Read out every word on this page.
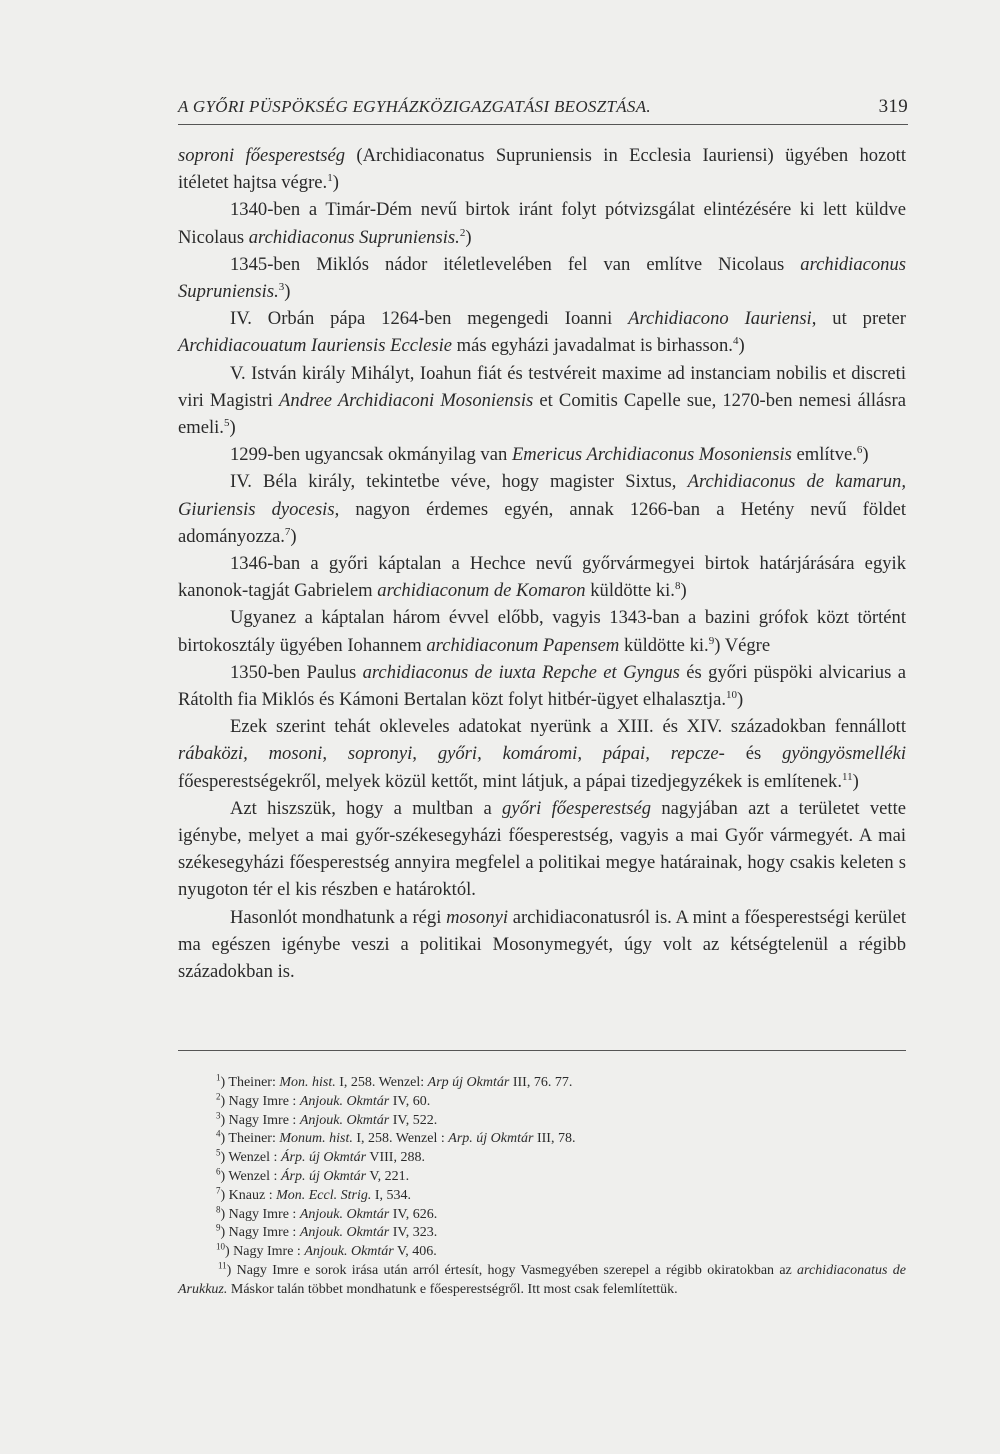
A GYŐRI PÜSPÖKSÉG EGYHÁZKÖZIGAZGATÁSI BEOSZTÁSA.	319

soproni főesperestség (Archidiaconatus Supruniensis in Ecclesia Iauriensi) ügyében hozott itéletet hajtsa végre.$^1$)

1340-ben a Timár-Dém nevű birtok iránt folyt pótvizsgálat elintézésére ki lett küldve Nicolaus archidiaconus Supruniensis.$^2$)

1345-ben Miklós nádor itéletlevelében fel van említve Nicolaus archidiaconus Supruniensis.$^3$)

IV. Orbán pápa 1264-ben megengedi Ioanni Archidiacono Iauriensi, ut preter Archidiacouatum Iauriensis Ecclesie más egyházi javadalmat is birhasson.$^4$)

V. István király Mihályt, Ioahun fiát és testvéreit maxime ad instanciam nobilis et discreti viri Magistri Andree Archidiaconi Mosoniensis et Comitis Capelle sue, 1270-ben nemesi állásra emeli.$^5$)

1299-ben ugyancsak okmányilag van Emericus Archidiaconus Mosoniensis említve.$^6$)

IV. Béla király, tekintetbe véve, hogy magister Sixtus, Archidiaconus de kamarun, Giuriensis dyocesis, nagyon érdemes egyén, annak 1266-ban a Hetény nevű földet adományozza.$^7$)

1346-ban a győri káptalan a Hechce nevű győrvármegyei birtok határjárására egyik kanonok-tagját Gabrielem archidiaconum de Komaron küldötte ki.$^8$)

Ugyanez a káptalan három évvel előbb, vagyis 1343-ban a bazini grófok közt történt birtokosztály ügyében Iohannem archidiaconum Papensem küldötte ki.$^9$) Végre

1350-ben Paulus archidiaconus de iuxta Repche et Gyngus és győri püspöki alvicarius a Rátolth fia Miklós és Kámoni Bertalan közt folyt hitbér-ügyet elhalasztja.$^{10}$)

Ezek szerint tehát okleveles adatokat nyerünk a XIII. és XIV. századokban fennállott rábaközi, mosoni, sopronyi, győri, komáromi, pápai, repcze- és gyöngyösmelléki főesperestségekről, melyek közül kettőt, mint látjuk, a pápai tizedjegyzékek is említenek.$^{11}$)

Azt hiszszük, hogy a multban a győri főesperestség nagyjában azt a területet vette igénybe, melyet a mai győr-székesegyházi főesperestség, vagyis a mai Győr vármegyét. A mai székesegyházi főesperestség annyira megfelel a politikai megye határainak, hogy csakis keleten s nyugoton tér el kis részben e határoktól.

Hasonlót mondhatunk a régi mosonyi archidiaconatusról is. A mint a főesperestségi kerület ma egészen igénybe veszi a politikai Mosonymegyét, úgy volt az kétségtelenül a régibb századokban is.

$^1$) Theiner: Mon. hist. I, 258. Wenzel: Arp új Okmtár III, 76. 77.
$^2$) Nagy Imre : Anjouk. Okmtár IV, 60.
$^3$) Nagy Imre : Anjouk. Okmtár IV, 522.
$^4$) Theiner: Monum. hist. I, 258. Wenzel : Arp. új Okmtár III, 78.
$^5$) Wenzel : Árp. új Okmtár VIII, 288.
$^6$) Wenzel : Árp. új Okmtár V, 221.
$^7$) Knauz : Mon. Eccl. Strig. I, 534.
$^8$) Nagy Imre : Anjouk. Okmtár IV, 626.
$^9$) Nagy Imre : Anjouk. Okmtár IV, 323.
$^{10}$) Nagy Imre : Anjouk. Okmtár V, 406.
$^{11}$) Nagy Imre e sorok irása után arról értesít, hogy Vasmegyében szerepel a régibb okiratokban az archidiaconatus de Arukkuz. Máskor talán többet mondhatunk e főesperestségről. Itt most csak felemlítettük.
